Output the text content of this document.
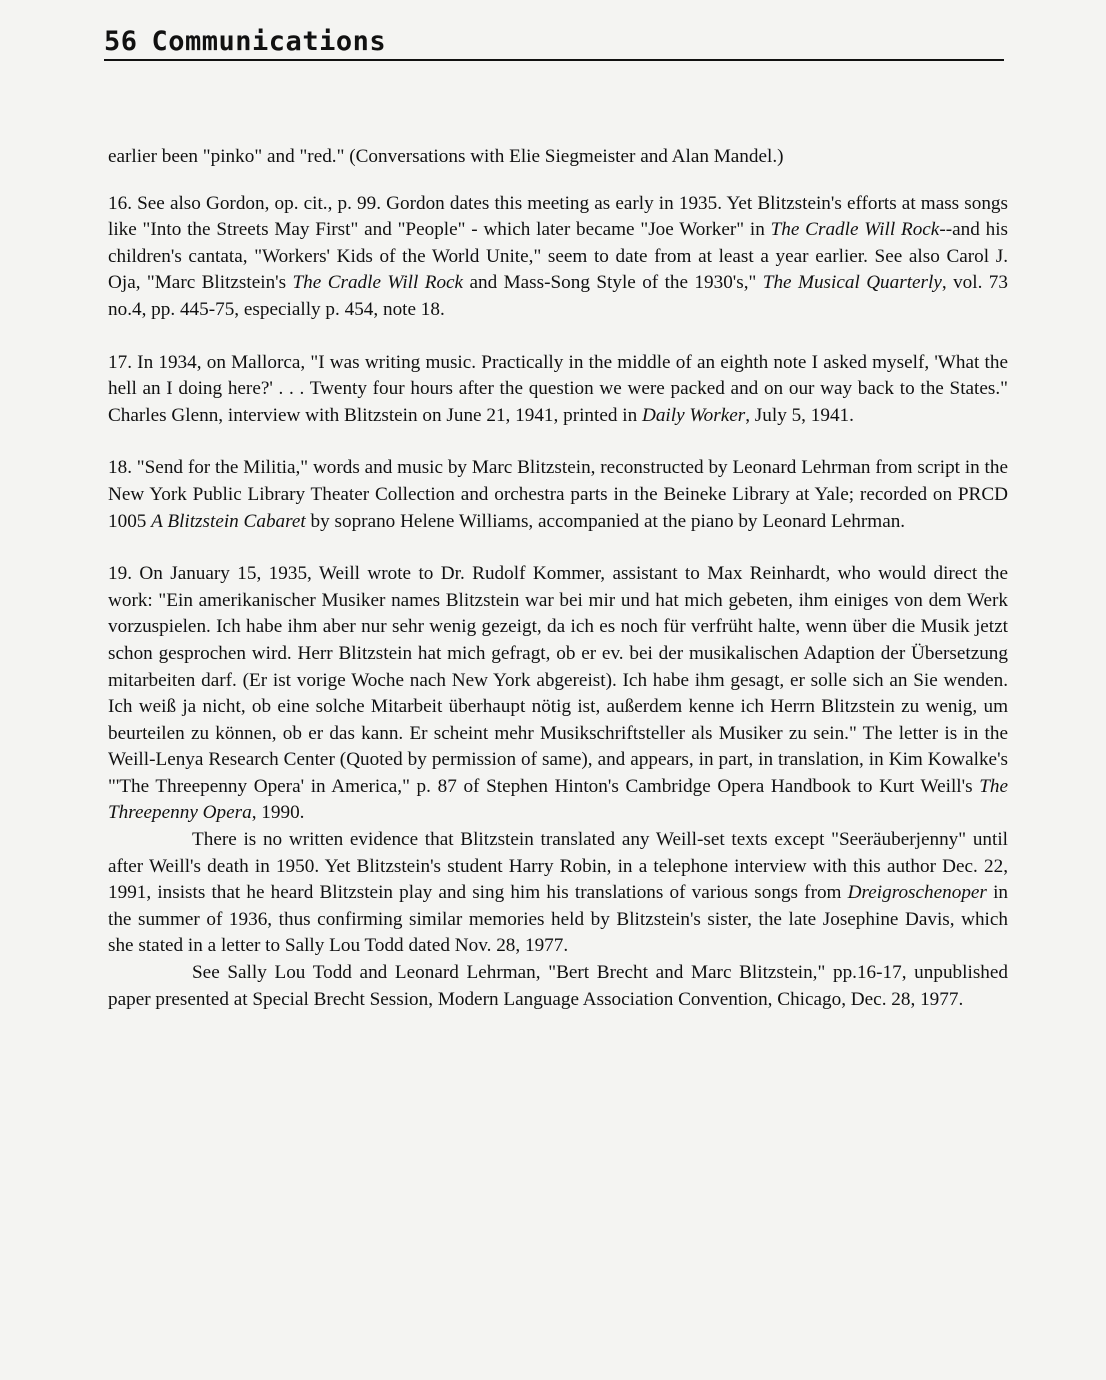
56 Communications

earlier been "pinko" and "red." (Conversations with Elie Siegmeister and Alan Mandel.)

16. See also Gordon, op. cit., p. 99. Gordon dates this meeting as early in 1935. Yet Blitzstein's efforts at mass songs like "Into the Streets May First" and "People" - which later became "Joe Worker" in The Cradle Will Rock--and his children's cantata, "Workers' Kids of the World Unite," seem to date from at least a year earlier. See also Carol J. Oja, "Marc Blitzstein's The Cradle Will Rock and Mass-Song Style of the 1930's," The Musical Quarterly, vol. 73 no.4, pp. 445-75, especially p. 454, note 18.

17. In 1934, on Mallorca, "I was writing music. Practically in the middle of an eighth note I asked myself, 'What the hell an I doing here?' . . . Twenty four hours after the question we were packed and on our way back to the States." Charles Glenn, interview with Blitzstein on June 21, 1941, printed in Daily Worker, July 5, 1941.

18. "Send for the Militia," words and music by Marc Blitzstein, reconstructed by Leonard Lehrman from script in the New York Public Library Theater Collection and orchestra parts in the Beineke Library at Yale; recorded on PRCD 1005 A Blitzstein Cabaret by soprano Helene Williams, accompanied at the piano by Leonard Lehrman.

19. On January 15, 1935, Weill wrote to Dr. Rudolf Kommer, assistant to Max Reinhardt, who would direct the work: "Ein amerikanischer Musiker names Blitzstein war bei mir und hat mich gebeten, ihm einiges von dem Werk vorzuspielen. Ich habe ihm aber nur sehr wenig gezeigt, da ich es noch für verfrüht halte, wenn über die Musik jetzt schon gesprochen wird. Herr Blitzstein hat mich gefragt, ob er ev. bei der musikalischen Adaption der Übersetzung mitarbeiten darf. (Er ist vorige Woche nach New York abgereist). Ich habe ihm gesagt, er solle sich an Sie wenden. Ich weiß ja nicht, ob eine solche Mitarbeit überhaupt nötig ist, außerdem kenne ich Herrn Blitzstein zu wenig, um beurteilen zu können, ob er das kann. Er scheint mehr Musikschriftsteller als Musiker zu sein." The letter is in the Weill-Lenya Research Center (Quoted by permission of same), and appears, in part, in translation, in Kim Kowalke's "'The Threepenny Opera' in America," p. 87 of Stephen Hinton's Cambridge Opera Handbook to Kurt Weill's The Threepenny Opera, 1990.

There is no written evidence that Blitzstein translated any Weill-set texts except "Seeräuberjenny" until after Weill's death in 1950. Yet Blitzstein's student Harry Robin, in a telephone interview with this author Dec. 22, 1991, insists that he heard Blitzstein play and sing him his translations of various songs from Dreigroschenoper in the summer of 1936, thus confirming similar memories held by Blitzstein's sister, the late Josephine Davis, which she stated in a letter to Sally Lou Todd dated Nov. 28, 1977.

See Sally Lou Todd and Leonard Lehrman, "Bert Brecht and Marc Blitzstein," pp.16-17, unpublished paper presented at Special Brecht Session, Modern Language Association Convention, Chicago, Dec. 28, 1977.
